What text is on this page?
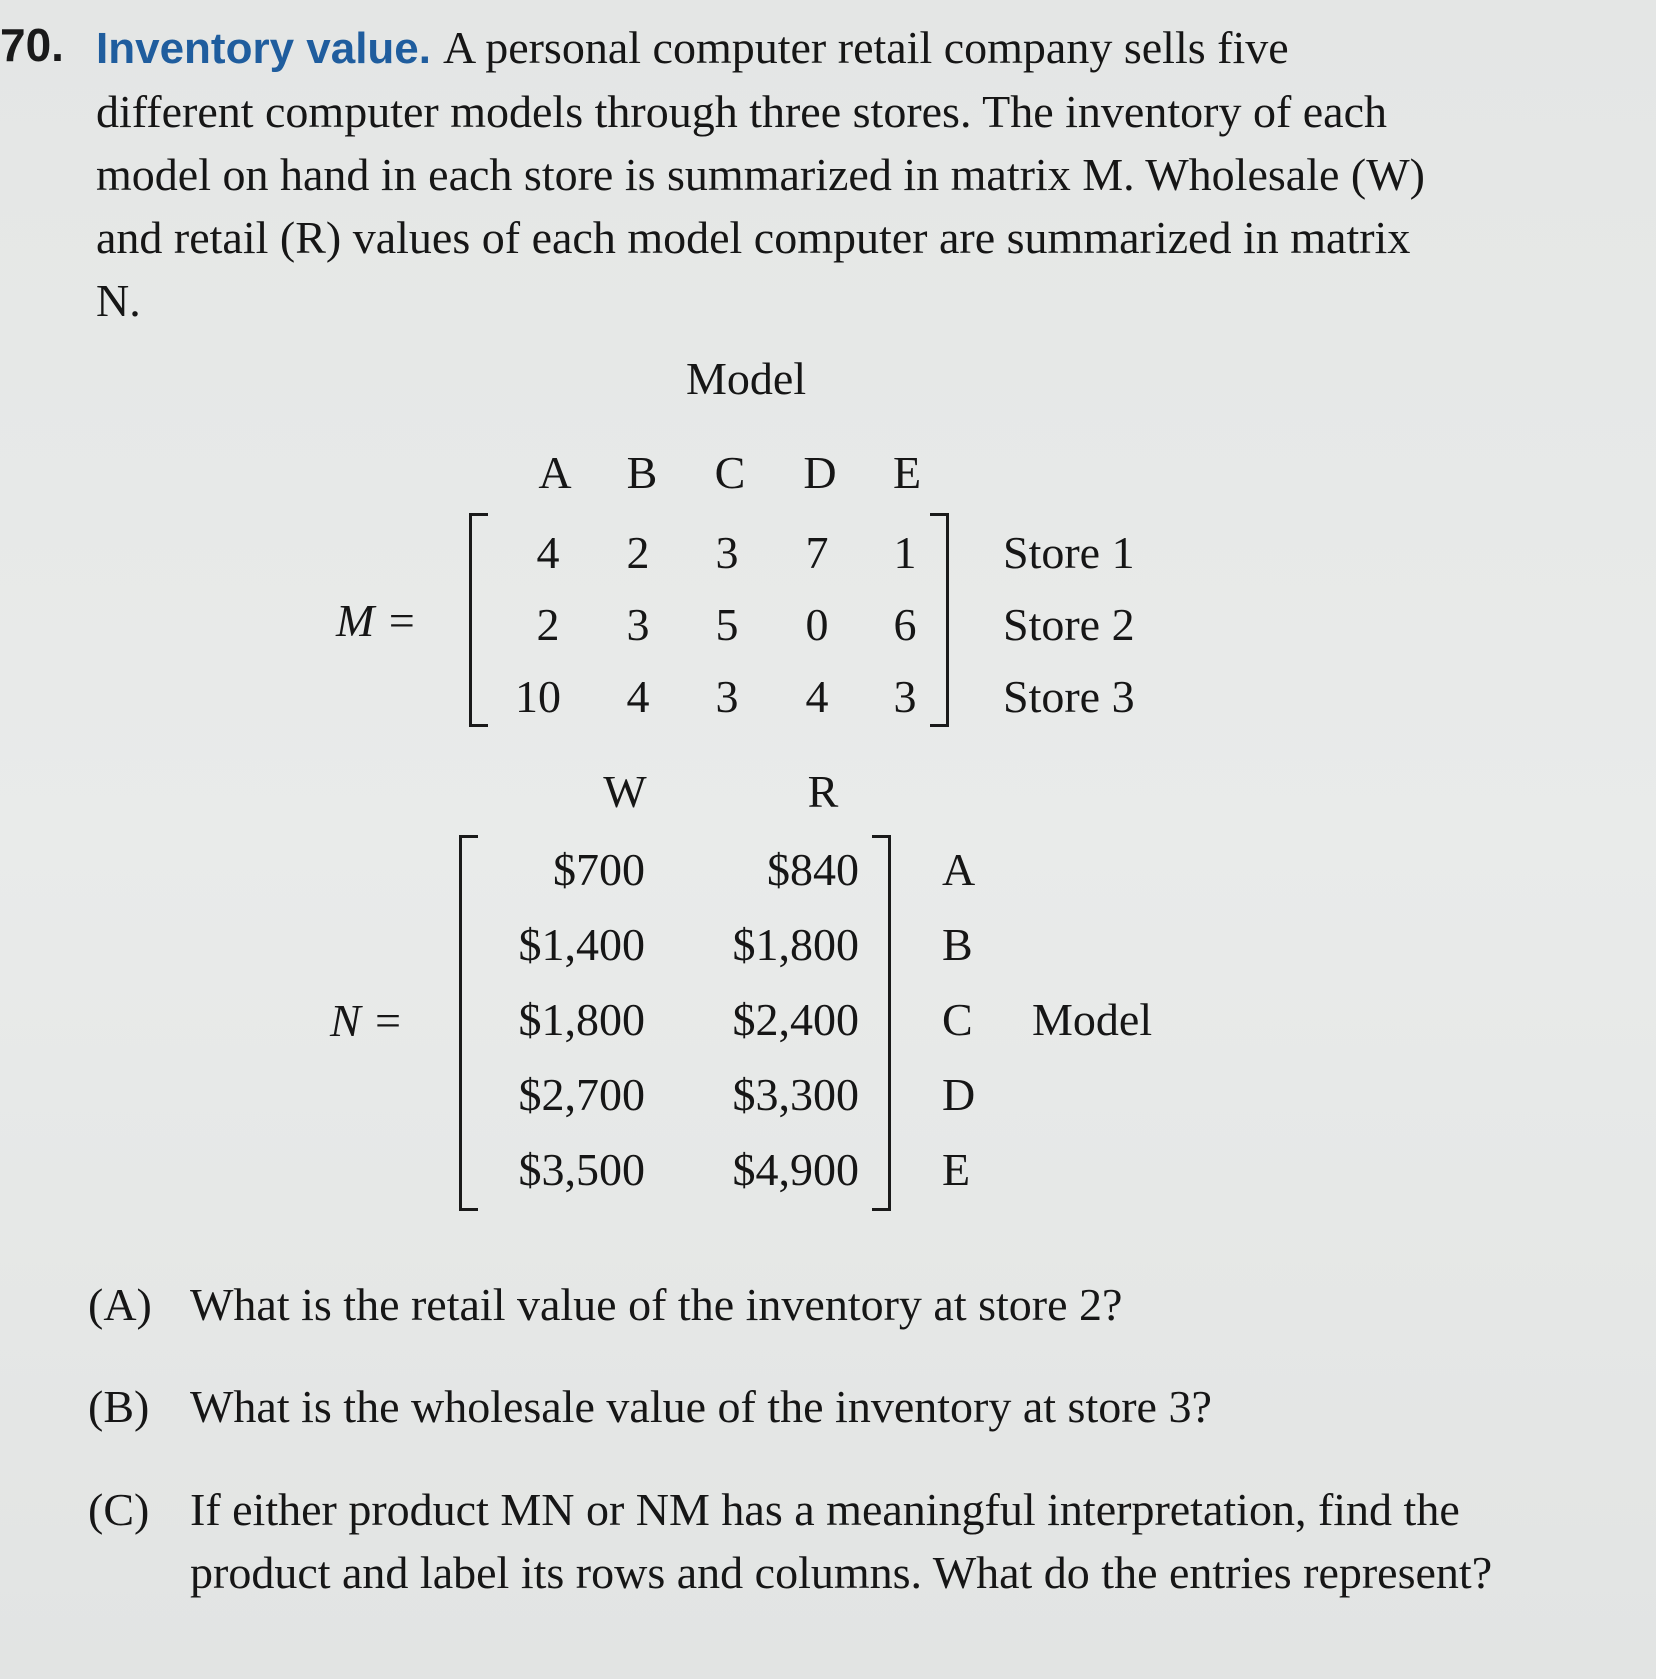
70. Inventory value. A personal computer retail company sells five different computer models through three stores. The inventory of each model on hand in each store is summarized in matrix M. Wholesale (W) and retail (R) values of each model computer are summarized in matrix N.
Model
A	B	C	D	E
M =
4	2	3	7	1	Store 1
2	3	5	0	6	Store 2
10	4	3	4	3	Store 3
W	R
N =
$700	$840 A
$1,400 $1,800 B
$1,800 $2,400 C Model
$2,700 $3,300 D
$3,500 $4,900 E
(A) What is the retail value of the inventory at store 2?
(B) What is the wholesale value of the inventory at store 3?
(C) If either product MN or NM has a meaningful interpretation, find the product and label its rows and columns. What do the entries represent?
